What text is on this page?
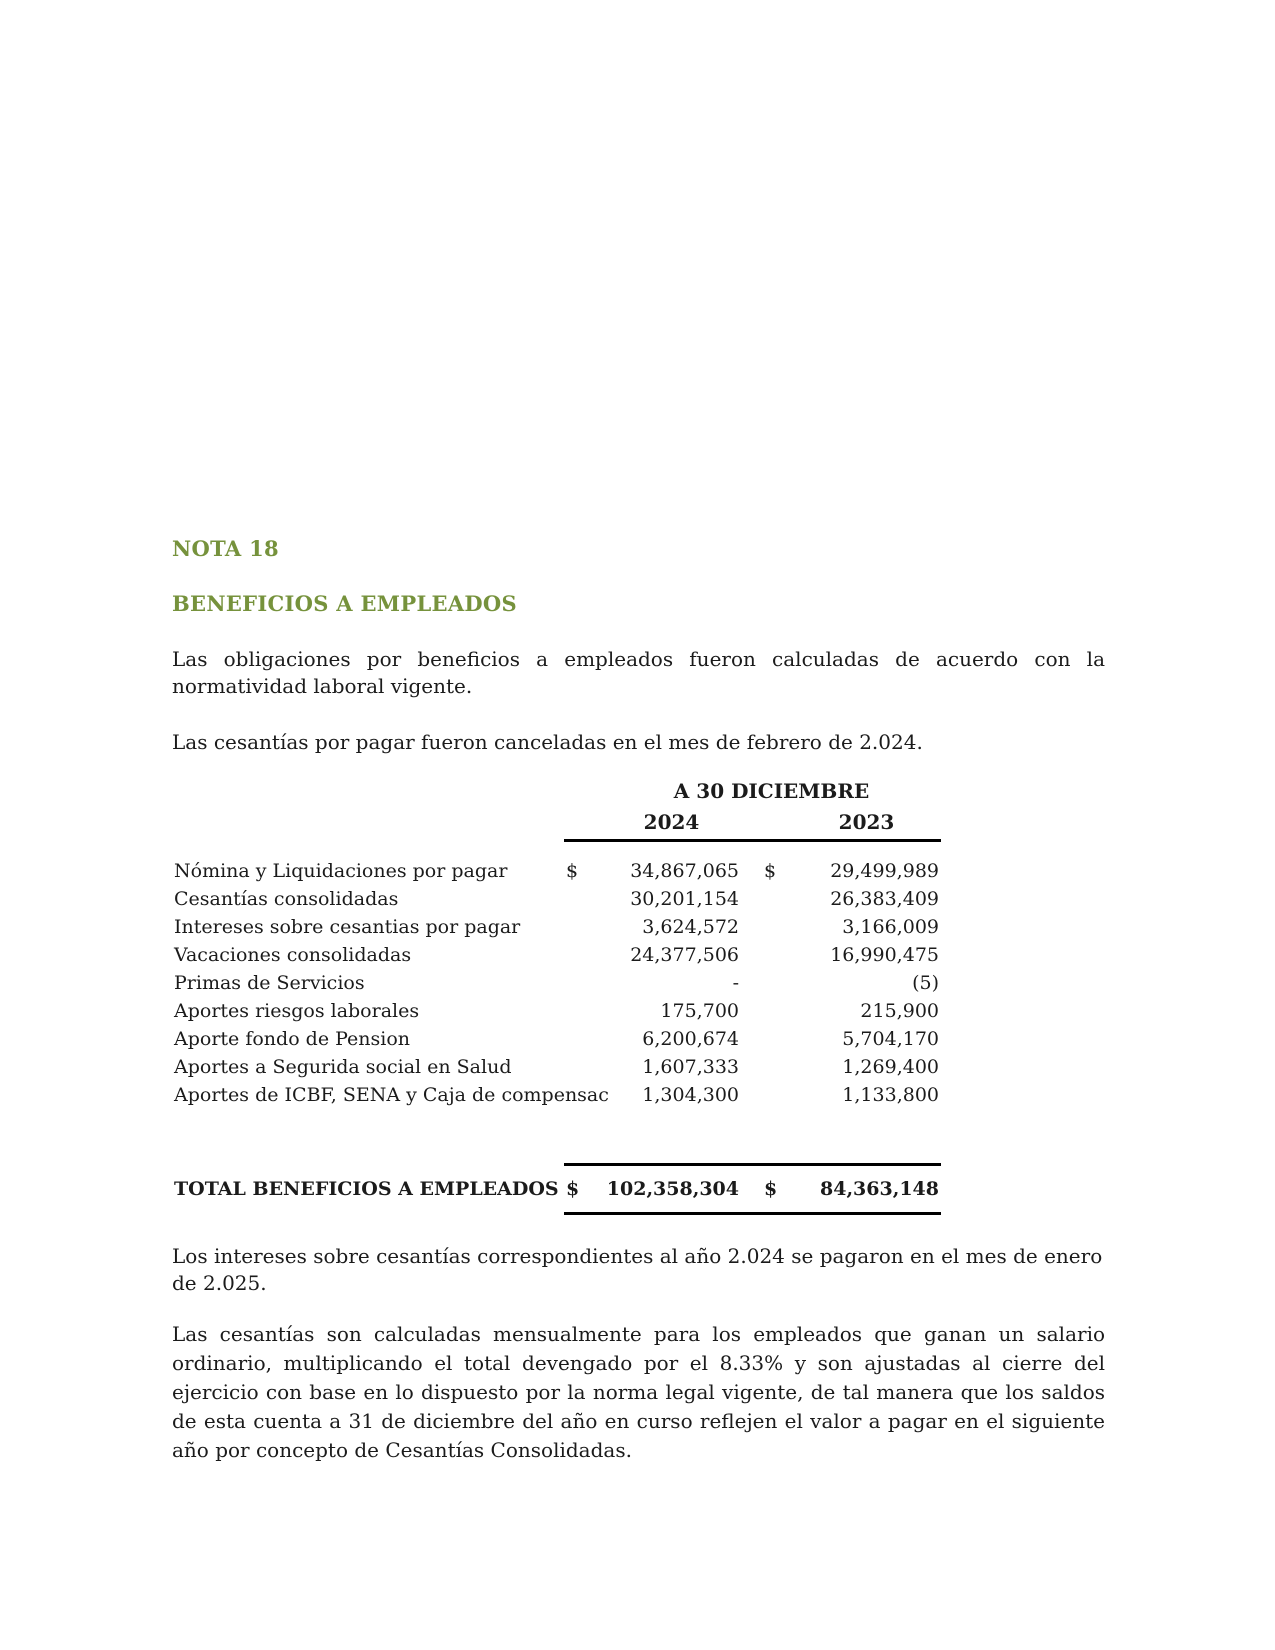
NOTA 18
BENEFICIOS A EMPLEADOS

Las obligaciones por beneficios a empleados fueron calculadas de acuerdo con la normatividad laboral vigente.

Las cesantías por pagar fueron canceladas en el mes de febrero de 2.024.

A 30 DICIEMBRE
2024	2023
Nómina y Liquidaciones por pagar	$	34,867,065	$	29,499,989
Cesantías consolidadas	30,201,154	26,383,409
Intereses sobre cesantias por pagar	3,624,572	3,166,009
Vacaciones consolidadas	24,377,506	16,990,475
Primas de Servicios	-	(5)
Aportes riesgos laborales	175,700	215,900
Aporte fondo de Pension	6,200,674	5,704,170
Aportes a Segurida social en Salud	1,607,333	1,269,400
Aportes de ICBF, SENA y Caja de compensac	1,304,300	1,133,800
TOTAL BENEFICIOS A EMPLEADOS $	102,358,304	$	84,363,148

Los intereses sobre cesantías correspondientes al año 2.024 se pagaron en el mes de enero de 2.025.

Las cesantías son calculadas mensualmente para los empleados que ganan un salario ordinario, multiplicando el total devengado por el 8.33% y son ajustadas al cierre del ejercicio con base en lo dispuesto por la norma legal vigente, de tal manera que los saldos de esta cuenta a 31 de diciembre del año en curso reflejen el valor a pagar en el siguiente año por concepto de Cesantías Consolidadas.
